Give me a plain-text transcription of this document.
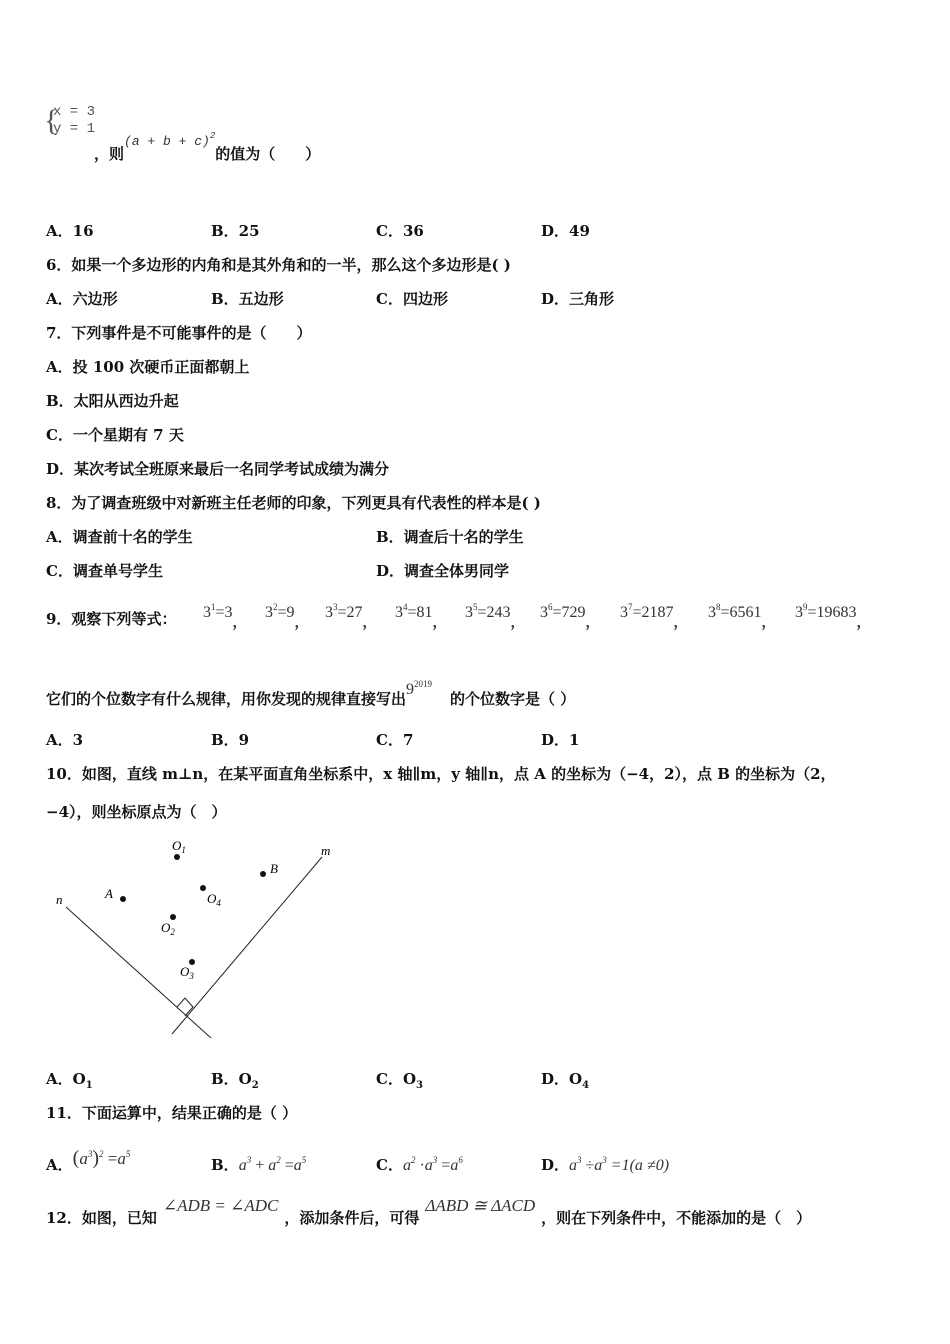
{
x = 3
y = 1
，则$(a + b + c)^2$的值为（　　）
A．16	B．25	C．36	D．49
6．如果一个多边形的内角和是其外角和的一半，那么这个多边形是( )
A．六边形	B．五边形	C．四边形	D．三角形
7．下列事件是不可能事件的是（　　）
A．投 100 次硬币正面都朝上
B．太阳从西边升起
C．一个星期有 7 天
D．某次考试全班原来最后一名同学考试成绩为满分
8．为了调查班级中对新班主任老师的印象，下列更具有代表性的样本是( )
A．调查前十名的学生	B．调查后十名的学生
C．调查单号学生	D．调查全体男同学
9．观察下列等式： $3^1=3$，
$3^2=9$，
$3^3=27$，
$3^4=81$，
$3^5=243$，
$3^6=729$，
$3^7=2187$，
$3^8=6561$，
$3^9=19683$，
它们的个位数字有什么规律，用你发现的规律直接写出$9^{2019}$的个位数字是（ ）
A．3	B．9	C．7	D．1
10．如图，直线 m⊥n，在某平面直角坐标系中，x 轴∥m，y 轴∥n，点 A 的坐标为（−4，2），点 B 的坐标为（2，
−4），则坐标原点为（　）
n
m
A
B
$O_1$
$O_4$
$O_2$
$O_3$
A．$O_1$	B．$O_2$	C．$O_3$	D．$O_4$
11．下面运算中，结果正确的是（ ）
A．$(a^3)^2 =a^5$
B．$a^3 + a^2 =a^5$	C．$a^2 \cdot a^3 =a^6$	D．$a^3 \div a^3 =1(a \ne 0)$
12．如图，已知∠ADB = ∠ADC，添加条件后，可得ΔABD ≅ ΔACD，则在下列条件中，不能添加的是（　）
